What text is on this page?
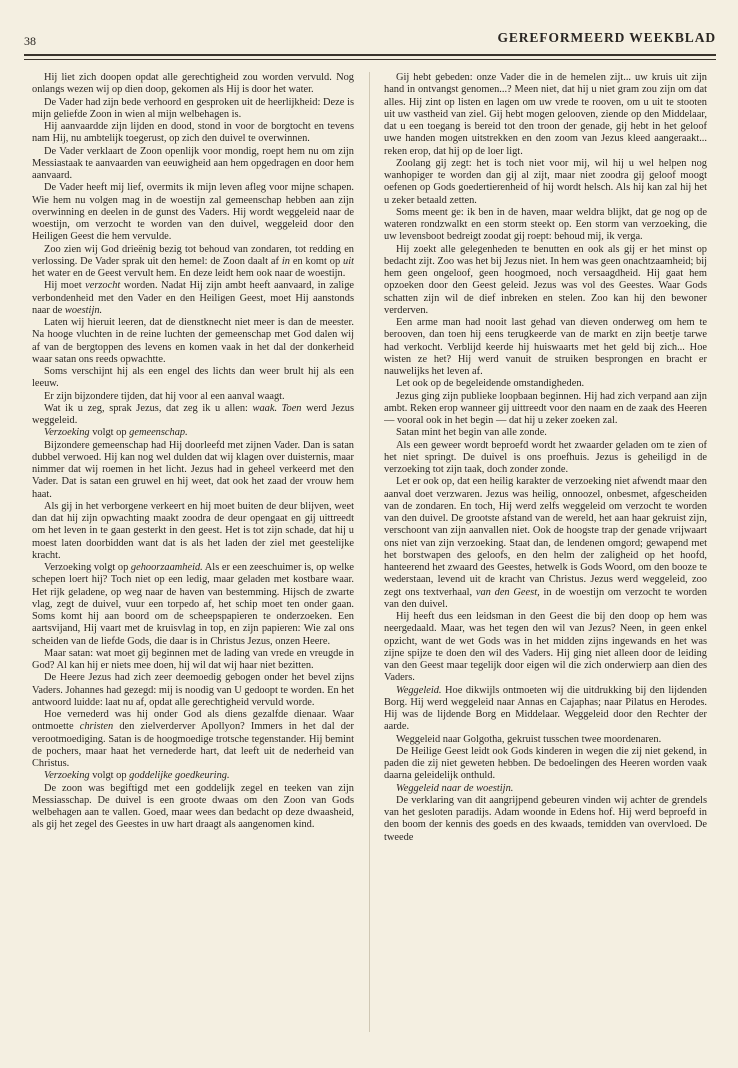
38	GEREFORMEERD WEEKBLAD

Hij liet zich doopen opdat alle gerechtigheid zou worden vervuld. Nog onlangs wezen wij op dien doop, gekomen als Hij is door het water.

De Vader had zijn bede verhoord en gesproken uit de heerlijkheid: Deze is mijn geliefde Zoon in wien al mijn welbehagen is.

Hij aanvaardde zijn lijden en dood, stond in voor de borgtocht en tevens nam Hij, nu ambtelijk toegerust, op zich den duivel te overwinnen.

De Vader verklaart de Zoon openlijk voor mondig, roept hem nu om zijn Messiastaak te aanvaarden van eeuwigheid aan hem opgedragen en door hem aanvaard.

De Vader heeft mij lief, overmits ik mijn leven afleg voor mijne schapen. Wie hem nu volgen mag in de woestijn zal gemeenschap hebben aan zijn overwinning en deelen in de gunst des Vaders. Hij wordt weggeleid naar de woestijn, om verzocht te worden van den duivel, weggeleid door den Heiligen Geest die hem vervulde.

Zoo zien wij God drieënig bezig tot behoud van zondaren, tot redding en verlossing. De Vader sprak uit den hemel: de Zoon daalt af in en komt op uit het water en de Geest vervult hem. En deze leidt hem ook naar de woestijn.

Hij moet verzocht worden. Nadat Hij zijn ambt heeft aanvaard, in zalige verbondenheid met den Vader en den Heiligen Geest, moet Hij aanstonds naar de woestijn.

Laten wij hieruit leeren, dat de dienstknecht niet meer is dan de meester. Na hooge vluchten in de reine luchten der gemeenschap met God dalen wij af van de bergtoppen des levens en komen vaak in het dal der donkerheid waar satan ons reeds opwachtte.

Soms verschijnt hij als een engel des lichts dan weer brult hij als een leeuw.

Er zijn bijzondere tijden, dat hij voor al een aanval waagt.

Wat ik u zeg, sprak Jezus, dat zeg ik u allen: waak. Toen werd Jezus weggeleid.

Verzoeking volgt op gemeenschap.

Bijzondere gemeenschap had Hij doorleefd met zijnen Vader. Dan is satan dubbel verwoed. Hij kan nog wel dulden dat wij klagen over duisternis, maar nimmer dat wij roemen in het licht. Jezus had in geheel verkeerd met den Vader. Dat is satan een gruwel en hij weet, dat ook het zaad der vrouw hem haat.

Als gij in het verborgene verkeert en hij moet buiten de deur blijven, weet dan dat hij zijn opwachting maakt zoodra de deur opengaat en gij uittreedt om het leven in te gaan gesterkt in den geest. Het is tot zijn schade, dat hij u moest laten doorbidden want dat is als het laden der ziel met geestelijke kracht.

Verzoeking volgt op gehoorzaamheid. Als er een zeeschuimer is, op welke schepen loert hij? Toch niet op een ledig, maar geladen met kostbare waar. Het rijk geladene, op weg naar de haven van bestemming. Hijsch de zwarte vlag, zegt de duivel, vuur een torpedo af, het schip moet ten onder gaan. Soms komt hij aan boord om de scheepspapieren te onderzoeken. Een aartsvijand, Hij vaart met de kruisvlag in top, en zijn papieren: Wie zal ons scheiden van de liefde Gods, die daar is in Christus Jezus, onzen Heere.

Maar satan: wat moet gij beginnen met de lading van vrede en vreugde in God? Al kan hij er niets mee doen, hij wil dat wij haar niet bezitten.

De Heere Jezus had zich zeer deemoedig gebogen onder het bevel zijns Vaders. Johannes had gezegd: mij is noodig van U gedoopt te worden. En het antwoord luidde: laat nu af, opdat alle gerechtigheid vervuld worde.

Hoe vernederd was hij onder God als diens gezalfde dienaar. Waar ontmoette christen den zielverderver Apollyon? Immers in het dal der verootmoediging. Satan is de hoogmoedige trotsche tegenstander. Hij bemint de pochers, maar haat het vernederde hart, dat leeft uit de nederheid van Christus.

Verzoeking volgt op goddelijke goedkeuring.

De zoon was begiftigd met een goddelijk zegel en teeken van zijn Messiasschap. De duivel is een groote dwaas om den Zoon van Gods welbehagen aan te vallen. Goed, maar wees dan bedacht op deze dwaasheid, als gij het zegel des Geestes in uw hart draagt als aangenomen kind.

Gij hebt gebeden: onze Vader die in de hemelen zijt... uw kruis uit zijn hand in ontvangst genomen...? Meen niet, dat hij u niet gram zou zijn om dat alles. Hij zint op listen en lagen om uw vrede te rooven, om u uit te stooten uit uw vastheid van ziel. Gij hebt mogen gelooven, ziende op den Middelaar, dat u een toegang is bereid tot den troon der genade, gij hebt in het geloof uwe handen mogen uitstrekken en den zoom van Jezus kleed aangeraakt... reken erop, dat hij op de loer ligt.

Zoolang gij zegt: het is toch niet voor mij, wil hij u wel helpen nog wanhopiger te worden dan gij al zijt, maar niet zoodra gij geloof moogt oefenen op Gods goedertierenheid of hij wordt helsch. Als hij kan zal hij het u zeker betaald zetten.

Soms meent ge: ik ben in de haven, maar weldra blijkt, dat ge nog op de wateren rondzwalkt en een storm steekt op. Een storm van verzoeking, die uw levensboot bedreigt zoodat gij roept: behoud mij, ik verga.

Hij zoekt alle gelegenheden te benutten en ook als gij er het minst op bedacht zijt. Zoo was het bij Jezus niet. In hem was geen onachtzaamheid; bij hem geen ongeloof, geen hoogmoed, noch versaagdheid. Hij gaat hem opzoeken door den Geest geleid. Jezus was vol des Geestes. Waar Gods schatten zijn wil de dief inbreken en stelen. Zoo kan hij den bewoner verderven.

Een arme man had nooit last gehad van dieven onderweg om hem te berooven, dan toen hij eens terugkeerde van de markt en zijn beetje tarwe had verkocht. Verblijd keerde hij huiswaarts met het geld bij zich... Hoe wisten ze het? Hij werd vanuit de struiken besprongen en bracht er nauwelijks het leven af.

Let ook op de begeleidende omstandigheden.

Jezus ging zijn publieke loopbaan beginnen. Hij had zich verpand aan zijn ambt. Reken erop wanneer gij uittreedt voor den naam en de zaak des Heeren — vooral ook in het begin — dat hij u zeker zoeken zal.

Satan mint het begin van alle zonde.

Als een geweer wordt beproefd wordt het zwaarder geladen om te zien of het niet springt. De duivel is ons proefhuis. Jezus is geheiligd in de verzoeking tot zijn taak, doch zonder zonde.

Let er ook op, dat een heilig karakter de verzoeking niet afwendt maar den aanval doet verzwaren. Jezus was heilig, onnoozel, onbesmet, afgescheiden van de zondaren. En toch, Hij werd zelfs weggeleid om verzocht te worden van den duivel. De grootste afstand van de wereld, het aan haar gekruist zijn, verschoont van zijn aanvallen niet. Ook de hoogste trap der genade vrijwaart ons niet van zijn verzoeking. Staat dan, de lendenen omgord; gewapend met het borstwapen des geloofs, en den helm der zaligheid op het hoofd, hanteerend het zwaard des Geestes, hetwelk is Gods Woord, om den booze te wederstaan, levend uit de kracht van Christus. Jezus werd weggeleid, zoo zegt ons textverhaal, van den Geest, in de woestijn om verzocht te worden van den duivel.

Hij heeft dus een leidsman in den Geest die bij den doop op hem was neergedaald. Maar, was het tegen den wil van Jezus? Neen, in geen enkel opzicht, want de wet Gods was in het midden zijns ingewands en het was zijne spijze te doen den wil des Vaders. Hij ging niet alleen door de leiding van den Geest maar tegelijk door eigen wil die zich onderwierp aan dien des Vaders.

Weggeleid. Hoe dikwijls ontmoeten wij die uitdrukking bij den lijdenden Borg. Hij werd weggeleid naar Annas en Cajaphas; naar Pilatus en Herodes. Hij was de lijdende Borg en Middelaar. Weggeleid door den Rechter der aarde.

Weggeleid naar Golgotha, gekruist tusschen twee moordenaren.

De Heilige Geest leidt ook Gods kinderen in wegen die zij niet gekend, in paden die zij niet geweten hebben. De bedoelingen des Heeren worden vaak daarna geleidelijk onthuld.

Weggeleid naar de woestijn.

De verklaring van dit aangrijpend gebeuren vinden wij achter de grendels van het gesloten paradijs. Adam woonde in Edens hof. Hij werd beproefd in den boom der kennis des goeds en des kwaads, temidden van overvloed. De tweede
